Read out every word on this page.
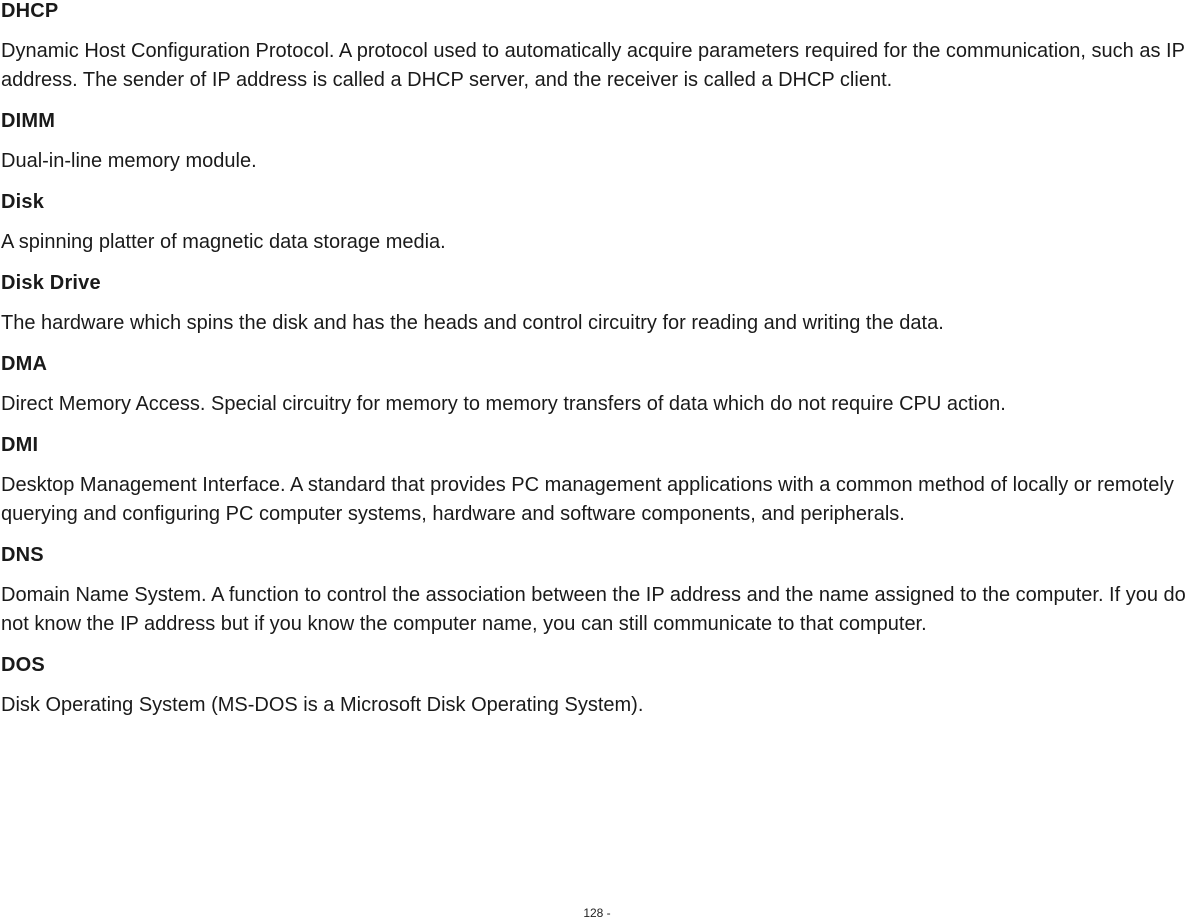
DHCP

Dynamic Host Configuration Protocol. A protocol used to automatically acquire parameters required for the communication, such as IP address. The sender of IP address is called a DHCP server, and the receiver is called a DHCP client.

DIMM

Dual-in-line memory module.

Disk

A spinning platter of magnetic data storage media.

Disk Drive

The hardware which spins the disk and has the heads and control circuitry for reading and writing the data.

DMA

Direct Memory Access. Special circuitry for memory to memory transfers of data which do not require CPU action.

DMI

Desktop Management Interface. A standard that provides PC management applications with a common method of locally or remotely querying and configuring PC computer systems, hardware and software components, and peripherals.

DNS

Domain Name System. A function to control the association between the IP address and the name assigned to the computer. If you do not know the IP address but if you know the computer name, you can still communicate to that computer.

DOS

Disk Operating System (MS-DOS is a Microsoft Disk Operating System).

128 -
